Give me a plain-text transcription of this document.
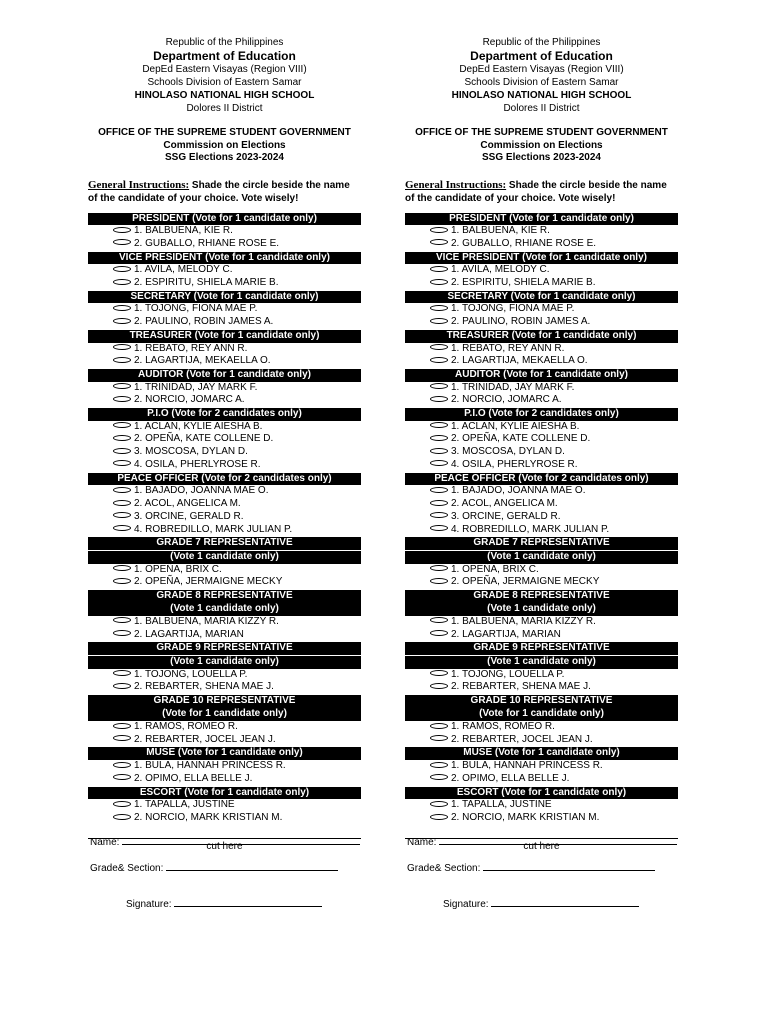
Republic of the Philippines
Department of Education
DepEd Eastern Visayas (Region VIII)
Schools Division of Eastern Samar
HINOLASO NATIONAL HIGH SCHOOL
Dolores II District
OFFICE OF THE SUPREME STUDENT GOVERNMENT
Commission on Elections
SSG Elections 2023-2024
General Instructions: Shade the circle beside the name of the candidate of your choice. Vote wisely!
PRESIDENT (Vote for 1 candidate only)
1. BALBUENA, KIE R.
2. GUBALLO, RHIANE ROSE E.
VICE PRESIDENT (Vote for 1 candidate only)
1. AVILA, MELODY C.
2. ESPIRITU, SHIELA MARIE B.
SECRETARY (Vote for 1 candidate only)
1. TOJONG, FIONA MAE P.
2. PAULINO, ROBIN JAMES A.
TREASURER (Vote for 1 candidate only)
1. REBATO, REY ANN R.
2. LAGARTIJA, MEKAELLA O.
AUDITOR (Vote for 1 candidate only)
1. TRINIDAD, JAY MARK F.
2. NORCIO, JOMARC A.
P.I.O (Vote for 2 candidates only)
1. ACLAN, KYLIE AIESHA B.
2. OPEÑA, KATE COLLENE D.
3. MOSCOSA, DYLAN D.
4. OSILA, PHERLYROSE R.
PEACE OFFICER (Vote for 2 candidates only)
1. BAJADO, JOANNA MAE O.
2. ACOL, ANGELICA M.
3. ORCINE, GERALD R.
4. ROBREDILLO, MARK JULIAN P.
GRADE 7 REPRESENTATIVE
(Vote 1 candidate only)
1. OPEÑA, BRIX C.
2. OPEÑA, JERMAIGNE MECKY
GRADE 8 REPRESENTATIVE
(Vote 1 candidate only)
1. BALBUENA, MARIA KIZZY R.
2. LAGARTIJA, MARIAN
GRADE 9 REPRESENTATIVE
(Vote 1 candidate only)
1. TOJONG, LOUELLA P.
2. REBARTER, SHENA MAE J.
GRADE 10 REPRESENTATIVE
(Vote for 1 candidate only)
1. RAMOS, ROMEO R.
2. REBARTER, JOCEL JEAN J.
MUSE (Vote for 1 candidate only)
1. BULA, HANNAH PRINCESS R.
2. OPIMO, ELLA BELLE J.
ESCORT (Vote for 1 candidate only)
1. TAPALLA, JUSTINE
2. NORCIO, MARK KRISTIAN M.
cut here
Name:
Grade& Section:
Signature:
Republic of the Philippines
Department of Education
DepEd Eastern Visayas (Region VIII)
Schools Division of Eastern Samar
HINOLASO NATIONAL HIGH SCHOOL
Dolores II District
OFFICE OF THE SUPREME STUDENT GOVERNMENT
Commission on Elections
SSG Elections 2023-2024
General Instructions: Shade the circle beside the name of the candidate of your choice. Vote wisely!
PRESIDENT (Vote for 1 candidate only)
1. BALBUENA, KIE R.
2. GUBALLO, RHIANE ROSE E.
VICE PRESIDENT (Vote for 1 candidate only)
1. AVILA, MELODY C.
2. ESPIRITU, SHIELA MARIE B.
SECRETARY (Vote for 1 candidate only)
1. TOJONG, FIONA MAE P.
2. PAULINO, ROBIN JAMES A.
TREASURER (Vote for 1 candidate only)
1. REBATO, REY ANN R.
2. LAGARTIJA, MEKAELLA O.
AUDITOR (Vote for 1 candidate only)
1. TRINIDAD, JAY MARK F.
2. NORCIO, JOMARC A.
P.I.O (Vote for 2 candidates only)
1. ACLAN, KYLIE AIESHA B.
2. OPEÑA, KATE COLLENE D.
3. MOSCOSA, DYLAN D.
4. OSILA, PHERLYROSE R.
PEACE OFFICER (Vote for 2 candidates only)
1. BAJADO, JOANNA MAE O.
2. ACOL, ANGELICA M.
3. ORCINE, GERALD R.
4. ROBREDILLO, MARK JULIAN P.
GRADE 7 REPRESENTATIVE
(Vote 1 candidate only)
1. OPEÑA, BRIX C.
2. OPEÑA, JERMAIGNE MECKY
GRADE 8 REPRESENTATIVE
(Vote 1 candidate only)
1. BALBUENA, MARIA KIZZY R.
2. LAGARTIJA, MARIAN
GRADE 9 REPRESENTATIVE
(Vote 1 candidate only)
1. TOJONG, LOUELLA P.
2. REBARTER, SHENA MAE J.
GRADE 10 REPRESENTATIVE
(Vote for 1 candidate only)
1. RAMOS, ROMEO R.
2. REBARTER, JOCEL JEAN J.
MUSE (Vote for 1 candidate only)
1. BULA, HANNAH PRINCESS R.
2. OPIMO, ELLA BELLE J.
ESCORT (Vote for 1 candidate only)
1. TAPALLA, JUSTINE
2. NORCIO, MARK KRISTIAN M.
cut here
Name:
Grade& Section:
Signature:
